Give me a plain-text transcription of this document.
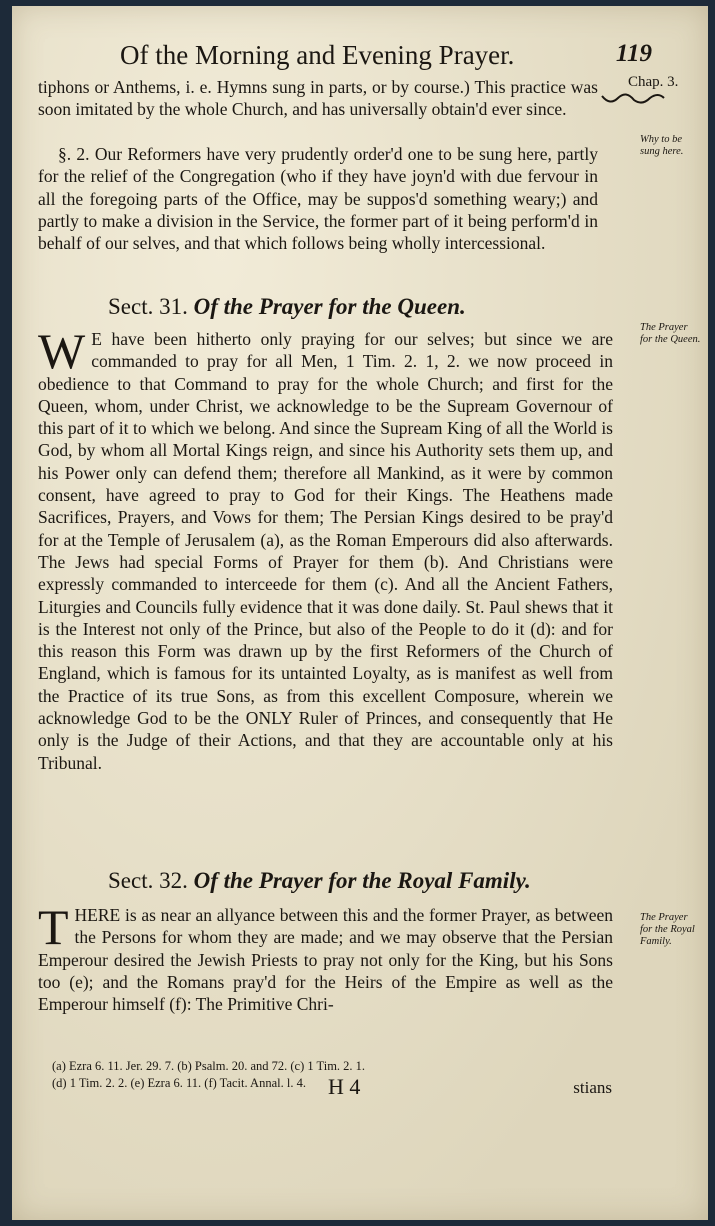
Of the Morning and Evening Prayer.	119
Chap. 3.
Why to be sung here.
The Prayer for the Queen.
The Prayer for the Royal Family.

tiphons or Anthems, i. e. Hymns sung in parts, or by course.) This practice was soon imitated by the whole Church, and has universally obtain'd ever since.

§. 2. Our Reformers have very prudently order'd one to be sung here, partly for the relief of the Congregation (who if they have joyn'd with due fervour in all the foregoing parts of the Office, may be suppos'd something weary;) and partly to make a division in the Service, the former part of it being perform'd in behalf of our selves, and that which follows being wholly intercessional.

Sect. 31. Of the Prayer for the Queen.
W E have been hitherto only praying for our selves; but since we are commanded to pray for all Men, 1 Tim. 2. 1, 2. we now proceed in obedience to that Command to pray for the whole Church; and first for the Queen, whom, under Christ, we acknowledge to be the Supream Governour of this part of it to which we belong. And since the Supream King of all the World is God, by whom all Mortal Kings reign, and since his Authority sets them up, and his Power only can defend them; therefore all Mankind, as it were by common consent, have agreed to pray to God for their Kings. The Heathens made Sacrifices, Prayers, and Vows for them; The Persian Kings desired to be pray'd for at the Temple of Jerusalem (a), as the Roman Emperours did also afterwards. The Jews had special Forms of Prayer for them (b). And Christians were expressly commanded to interceede for them (c). And all the Ancient Fathers, Liturgies and Councils fully evidence that it was done daily. St. Paul shews that it is the Interest not only of the Prince, but also of the People to do it (d): and for this reason this Form was drawn up by the first Reformers of the Church of England, which is famous for its untainted Loyalty, as is manifest as well from the Practice of its true Sons, as from this excellent Composure, wherein we acknowledge God to be the ONLY Ruler of Princes, and consequently that He only is the Judge of their Actions, and that they are accountable only at his Tribunal.

Sect. 32. Of the Prayer for the Royal Family.
T HERE is as near an allyance between this and the former Prayer, as between the Persons for whom they are made; and we may observe that the Persian Emperour desired the Jewish Priests to pray not only for the King, but his Sons too (e); and the Romans pray'd for the Heirs of the Empire as well as the Emperour himself (f): The Primitive Chri-

(a) Ezra 6. 11. Jer. 29. 7. (b) Psalm. 20. and 72. (c) 1 Tim. 2. 1.
(d) 1 Tim. 2. 2. (e) Ezra 6. 11. (f) Tacit. Annal. l. 4.	H 4	stians
